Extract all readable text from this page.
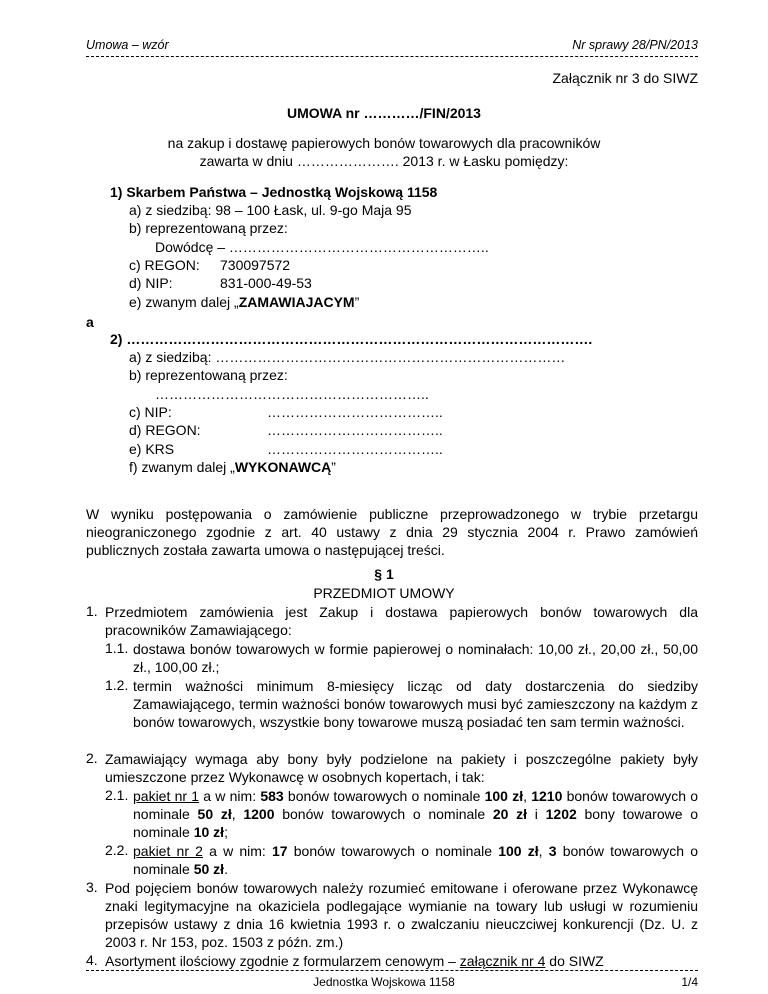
Umowa – wzór	Nr sprawy 28/PN/2013
Załącznik nr 3 do SIWZ
UMOWA nr …………/FIN/2013
na zakup i dostawę papierowych bonów towarowych dla pracowników
zawarta w dniu …………………. 2013 r. w Łasku pomiędzy:
1) Skarbem Państwa – Jednostką Wojskową 1158
a) z siedzibą: 98 – 100 Łask, ul. 9-go Maja 95
b) reprezentowaną przez:
Dowódcę – ………………………………………………..
c) REGON: 730097572
d) NIP:	831-000-49-53
e) zwanym dalej „ZAMAWIAJACYM”
a
2) ……………………………………………………………………………………….
a) z siedzibą: …………………………………………………………………
b) reprezentowaną przez:
…………………………………………………..
c) NIP:	………………………………..
d) REGON:	………………………………..
e) KRS	………………………………..
f) zwanym dalej „WYKONAWCĄ”
W wyniku postępowania o zamówienie publiczne przeprowadzonego w trybie przetargu nieograniczonego zgodnie z art. 40 ustawy z dnia 29 stycznia 2004 r. Prawo zamówień publicznych została zawarta umowa o następującej treści.
§ 1
PRZEDMIOT UMOWY
1. Przedmiotem zamówienia jest Zakup i dostawa papierowych bonów towarowych dla pracowników Zamawiającego:
1.1. dostawa bonów towarowych w formie papierowej o nominałach: 10,00 zł., 20,00 zł., 50,00 zł., 100,00 zł.;
1.2. termin ważności minimum 8-miesięcy licząc od daty dostarczenia do siedziby Zamawiającego, termin ważności bonów towarowych musi być zamieszczony na każdym z bonów towarowych, wszystkie bony towarowe muszą posiadać ten sam termin ważności.
2. Zamawiający wymaga aby bony były podzielone na pakiety i poszczególne pakiety były umieszczone przez Wykonawcę w osobnych kopertach, i tak:
2.1. pakiet nr 1 a w nim: 583 bonów towarowych o nominale 100 zł, 1210 bonów towarowych o nominale 50 zł, 1200 bonów towarowych o nominale 20 zł i 1202 bony towarowe o nominale 10 zł;
2.2. pakiet nr 2 a w nim: 17 bonów towarowych o nominale 100 zł, 3 bonów towarowych o nominale 50 zł.
3. Pod pojęciem bonów towarowych należy rozumieć emitowane i oferowane przez Wykonawcę znaki legitymacyjne na okaziciela podlegające wymianie na towary lub usługi w rozumieniu przepisów ustawy z dnia 16 kwietnia 1993 r. o zwalczaniu nieuczciwej konkurencji (Dz. U. z 2003 r. Nr 153, poz. 1503 z późn. zm.)
4. Asortyment ilościowy zgodnie z formularzem cenowym – załącznik nr 4 do SIWZ
Jednostka Wojskowa 1158	1/4
